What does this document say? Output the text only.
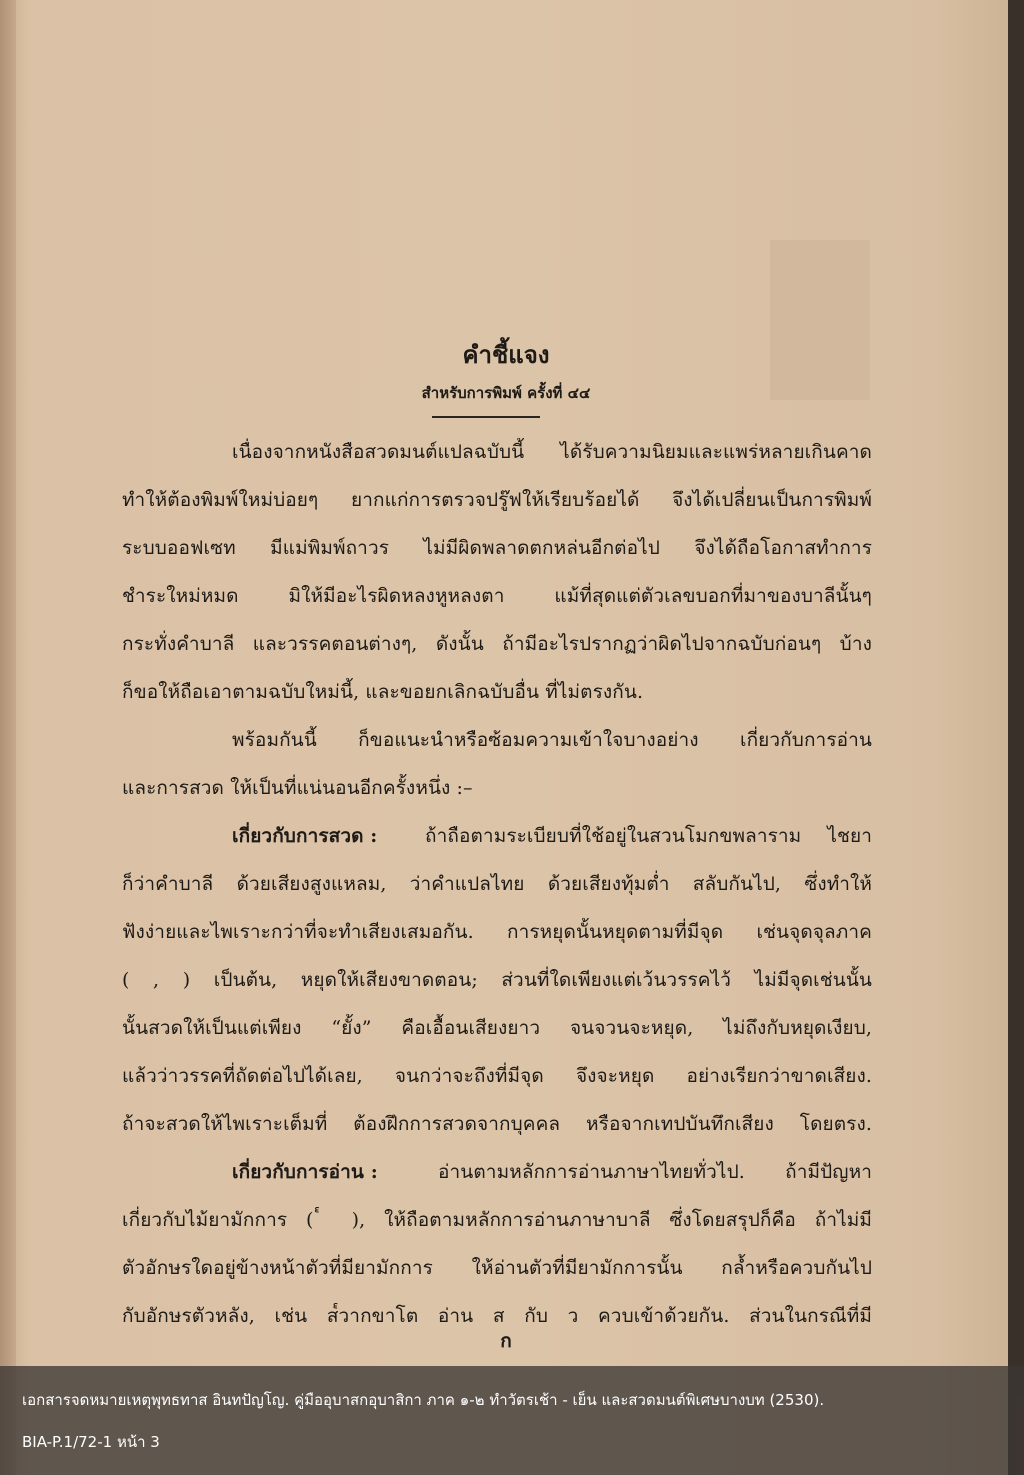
คำชี้แจง
สำหรับการพิมพ์ ครั้งที่ ๔๔
เนื่องจากหนังสือสวดมนต์แปลฉบับนี้ ได้รับความนิยมและแพร่หลายเกินคาด
ทำให้ต้องพิมพ์ใหม่บ่อยๆ ยากแก่การตรวจปรู๊ฟให้เรียบร้อยได้ จึงได้เปลี่ยนเป็นการพิมพ์
ระบบออฟเซท มีแม่พิมพ์ถาวร ไม่มีผิดพลาดตกหล่นอีกต่อไป จึงได้ถือโอกาสทำการ
ชำระใหม่หมด มิให้มีอะไรผิดหลงหูหลงตา แม้ที่สุดแต่ตัวเลขบอกที่มาของบาลีนั้นๆ
กระทั่งคำบาลี และวรรคตอนต่างๆ, ดังนั้น ถ้ามีอะไรปรากฏว่าผิดไปจากฉบับก่อนๆ บ้าง
ก็ขอให้ถือเอาตามฉบับใหม่นี้, และขอยกเลิกฉบับอื่น ที่ไม่ตรงกัน.
พร้อมกันนี้ ก็ขอแนะนำหรือซ้อมความเข้าใจบางอย่าง เกี่ยวกับการอ่าน
และการสวด ให้เป็นที่แน่นอนอีกครั้งหนึ่ง :–
เกี่ยวกับการสวด :	ถ้าถือตามระเบียบที่ใช้อยู่ในสวนโมกขพลาราม ไชยา
ก็ว่าคำบาลี ด้วยเสียงสูงแหลม, ว่าคำแปลไทย ด้วยเสียงทุ้มต่ำ สลับกันไป, ซึ่งทำให้
ฟังง่ายและไพเราะกว่าที่จะทำเสียงเสมอกัน. การหยุดนั้นหยุดตามที่มีจุด เช่นจุดจุลภาค
( , ) เป็นต้น, หยุดให้เสียงขาดตอน; ส่วนที่ใดเพียงแต่เว้นวรรคไว้ ไม่มีจุดเช่นนั้น
นั้นสวดให้เป็นแต่เพียง “ยั้ง” คือเอื้อนเสียงยาว จนจวนจะหยุด, ไม่ถึงกับหยุดเงียบ,
แล้วว่าวรรคที่ถัดต่อไปได้เลย, จนกว่าจะถึงที่มีจุด จึงจะหยุด อย่างเรียกว่าขาดเสียง.
ถ้าจะสวดให้ไพเราะเต็มที่ ต้องฝึกการสวดจากบุคคล หรือจากเทปบันทึกเสียง โดยตรง.
เกี่ยวกับการอ่าน :	อ่านตามหลักการอ่านภาษาไทยทั่วไป. ถ้ามีปัญหา
เกี่ยวกับไม้ยามักการ ( ๎ ), ให้ถือตามหลักการอ่านภาษาบาลี ซึ่งโดยสรุปก็คือ ถ้าไม่มี
ตัวอักษรใดอยู่ข้างหน้าตัวที่มียามักการ ให้อ่านตัวที่มียามักการนั้น กล้ำหรือควบกันไป
กับอักษรตัวหลัง, เช่น ส๎วากขาโต อ่าน ส กับ ว ควบเข้าด้วยกัน. ส่วนในกรณีที่มี
ก
เอกสารจดหมายเหตุพุทธทาส อินทปัญโญ. คู่มืออุบาสกอุบาสิกา ภาค ๑-๒ ทำวัตรเช้า - เย็น และสวดมนต์พิเศษบางบท (2530).
BIA-P.1/72-1 หน้า 3
